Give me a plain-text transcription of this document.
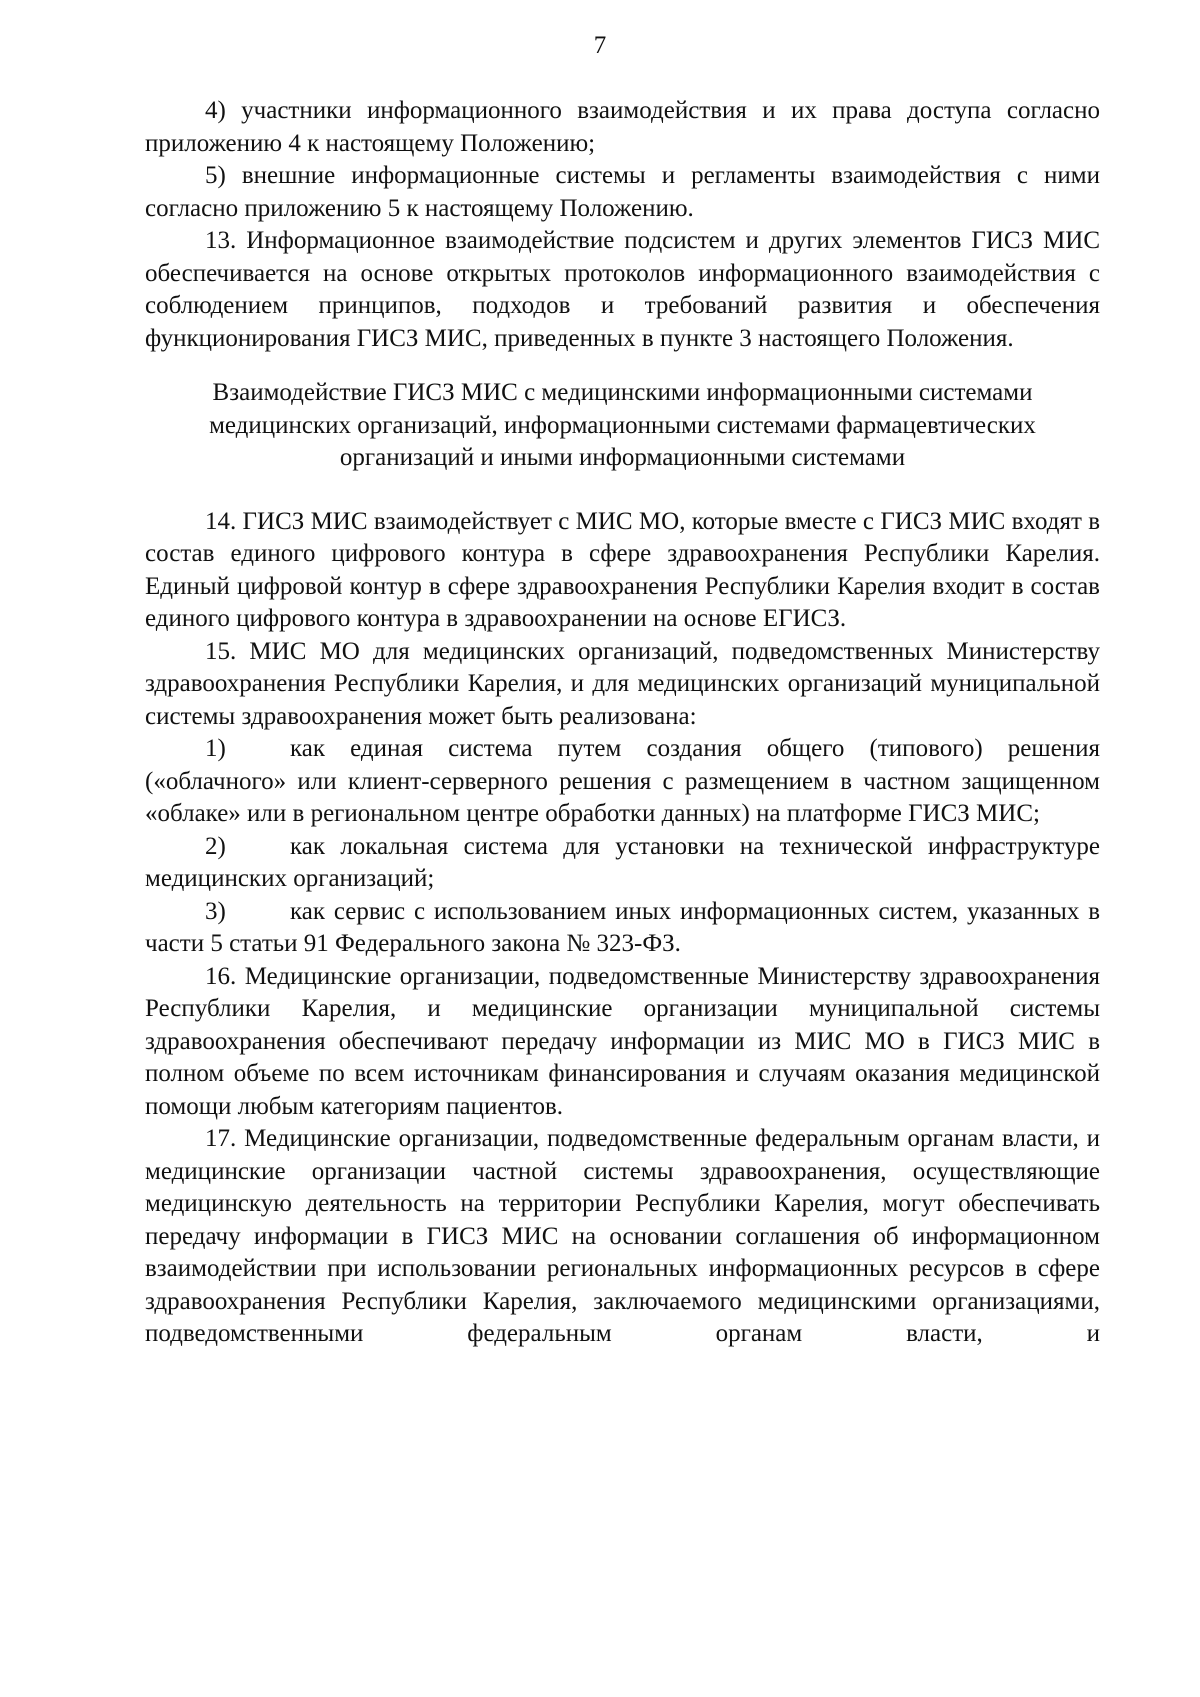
7

4) участники информационного взаимодействия и их права доступа согласно приложению 4 к настоящему Положению;

5) внешние информационные системы и регламенты взаимодействия с ними согласно приложению 5 к настоящему Положению.

13. Информационное взаимодействие подсистем и других элементов ГИСЗ МИС обеспечивается на основе открытых протоколов информационного взаимодействия с соблюдением принципов, подходов и требований развития и обеспечения функционирования ГИСЗ МИС, приведенных в пункте 3 настоящего Положения.

Взаимодействие ГИСЗ МИС с медицинскими информационными системами
медицинских организаций, информационными системами фармацевтических
организаций и иными информационными системами

14. ГИСЗ МИС взаимодействует с МИС МО, которые вместе с ГИСЗ МИС входят в состав единого цифрового контура в сфере здравоохранения Республики Карелия. Единый цифровой контур в сфере здравоохранения Республики Карелия входит в состав единого цифрового контура в здравоохранении на основе ЕГИСЗ.

15. МИС МО для медицинских организаций, подведомственных Министерству здравоохранения Республики Карелия, и для медицинских организаций муниципальной системы здравоохранения может быть реализована:

1)	как единая система путем создания общего (типового) решения («облачного» или клиент-серверного решения с размещением в частном защищенном «облаке» или в региональном центре обработки данных) на платформе ГИСЗ МИС;

2)	как локальная система для установки на технической инфраструктуре медицинских организаций;

3)	как сервис с использованием иных информационных систем, указанных в части 5 статьи 91 Федерального закона № 323-ФЗ.

16. Медицинские организации, подведомственные Министерству здравоохранения Республики Карелия, и медицинские организации муниципальной системы здравоохранения обеспечивают передачу информации из МИС МО в ГИСЗ МИС в полном объеме по всем источникам финансирования и случаям оказания медицинской помощи любым категориям пациентов.

17. Медицинские организации, подведомственные федеральным органам власти, и медицинские организации частной системы здравоохранения, осуществляющие медицинскую деятельность на территории Республики Карелия, могут обеспечивать передачу информации в ГИСЗ МИС на основании соглашения об информационном взаимодействии при использовании региональных информационных ресурсов в сфере здравоохранения Республики Карелия, заключаемого медицинскими организациями, подведомственными федеральным органам власти, и
